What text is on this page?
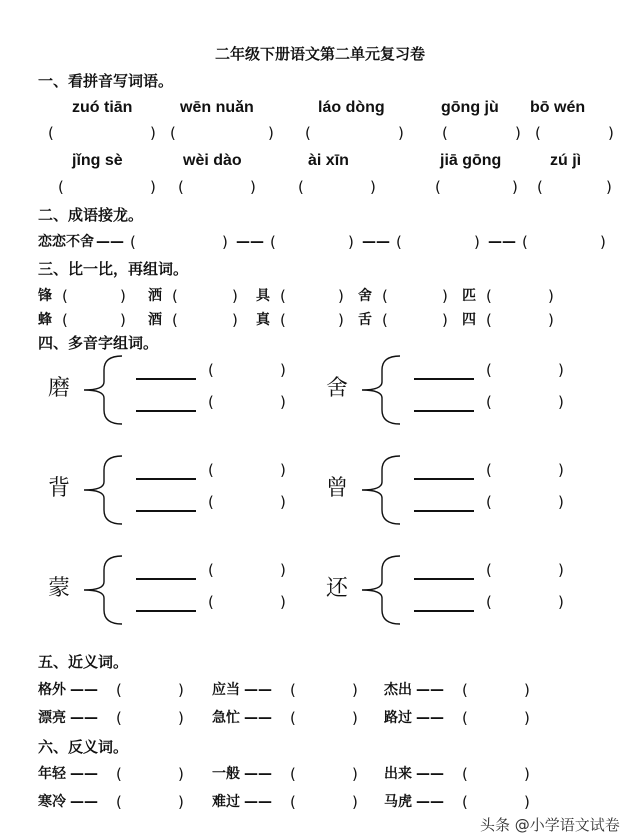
二年级下册语文第二单元复习卷
一、看拼音写词语。
zuó tiān	wēn nuǎn	láo dòng	gōng jù bō wén
jǐng sè	wèi dào	ài xīn	jiā gōng	zú jì
(	) (	) (	)	(	) (	)
(	) (	)	(	)	(	) (	)
二、成语接龙。
恋恋不舍 —— (	—— (	—— (	—— (
)	)	)	)
三、比一比，再组词。
锋 (	) 洒 (	) 具 (	) 舍 (	) 匹 (	)
蜂 (	) 酒 (	) 真 (	) 舌 (	) 四 (	)
四、多音字组词。
磨
(	)
(	)
舍
(	)
(	)
背
(	)
(	)
曾
(	)
(	)
蒙
(	)
(	)
还
(	)
(	)
五、近义词。
格外 —— (	) 应当 —— (	) 杰出 —— (	)
漂亮 —— (	) 急忙 —— (	) 路过 —— (	)
六、反义词。
年轻 —— (	) 一般 —— (	) 出来 —— (	)
寒冷 —— (	) 难过 —— (	) 马虎 —— (	)
头条 @小学语文试卷
